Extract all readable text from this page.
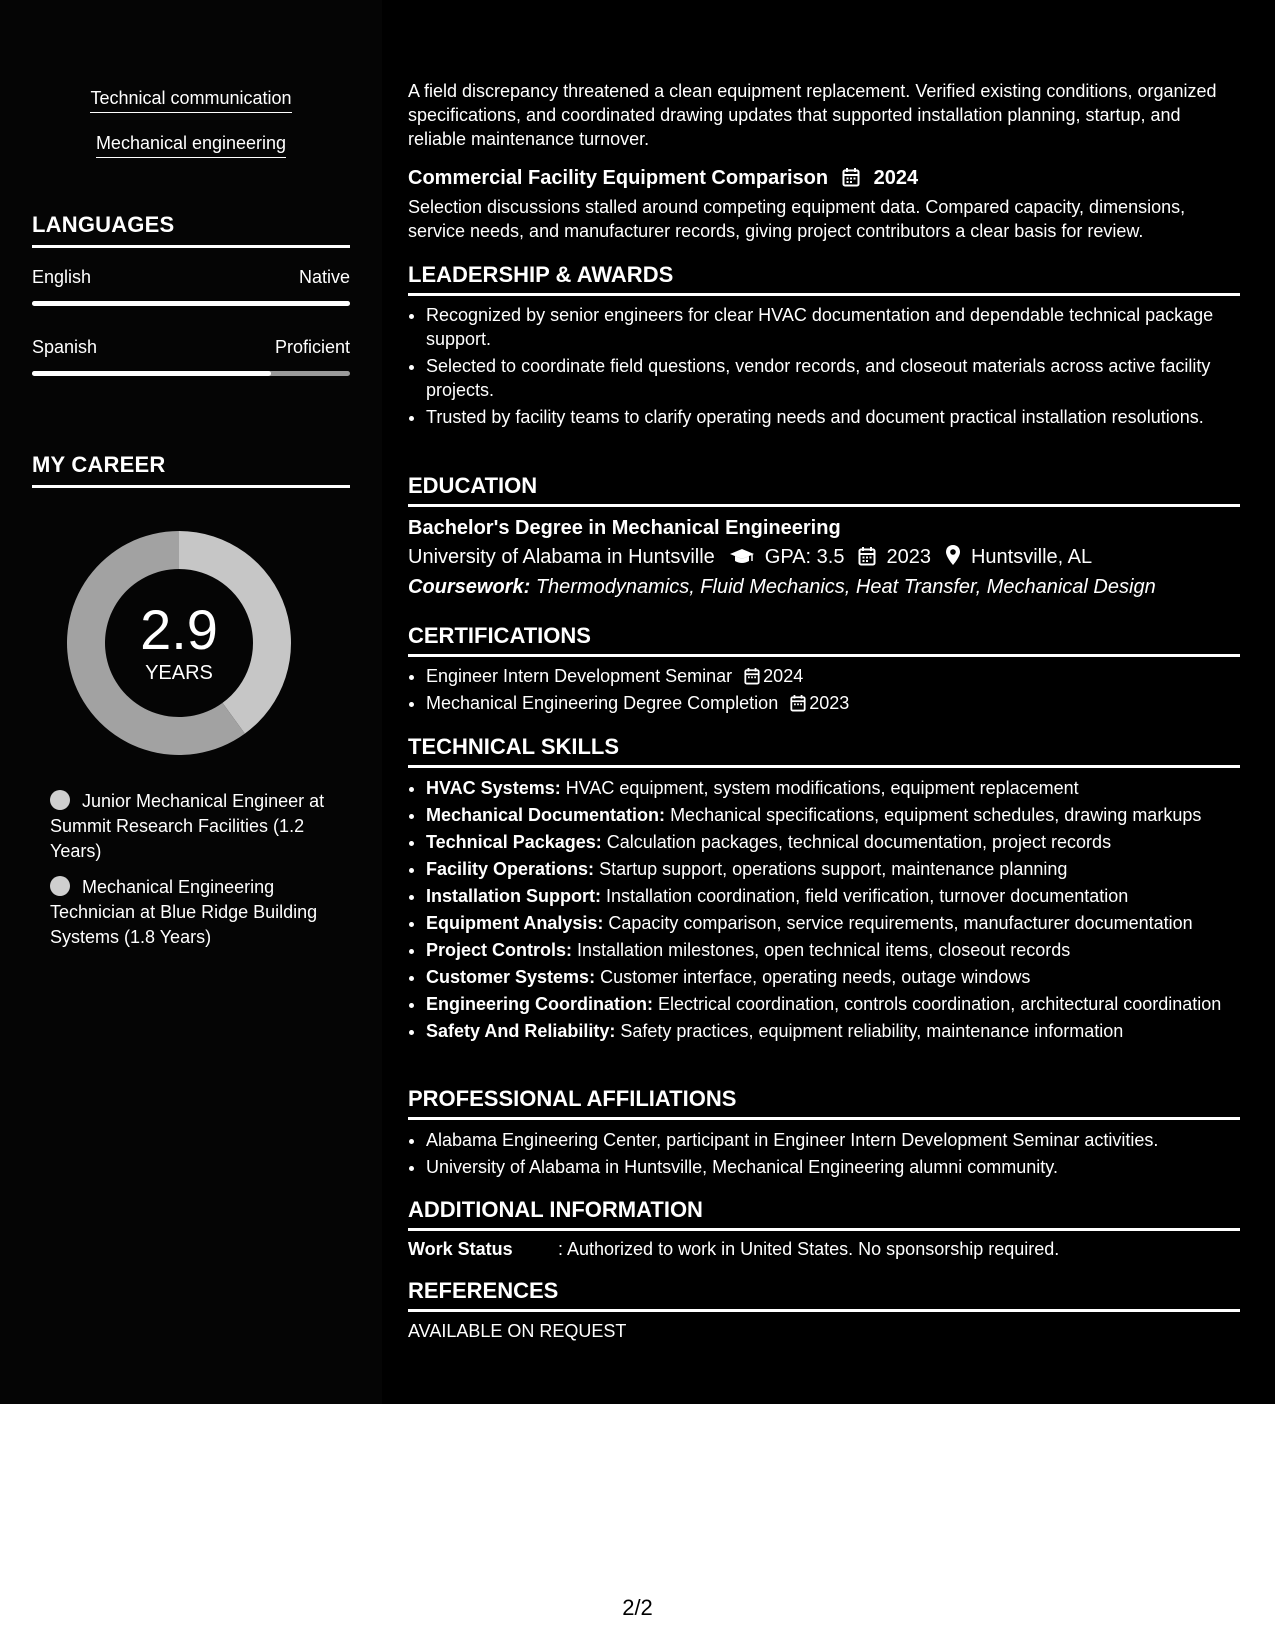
Technical communication
Mechanical engineering
LANGUAGES
English	Native
Spanish	Proficient
MY CAREER
2.9
YEARS
Junior Mechanical Engineer at Summit Research Facilities (1.2 Years)
Mechanical Engineering Technician at Blue Ridge Building Systems (1.8 Years)

A field discrepancy threatened a clean equipment replacement. Verified existing conditions, organized specifications, and coordinated drawing updates that supported installation planning, startup, and reliable maintenance turnover.

Commercial Facility Equipment Comparison 2024

Selection discussions stalled around competing equipment data. Compared capacity, dimensions, service needs, and manufacturer records, giving project contributors a clear basis for review.

LEADERSHIP & AWARDS
• Recognized by senior engineers for clear HVAC documentation and dependable technical package support.
• Selected to coordinate field questions, vendor records, and closeout materials across active facility projects.
• Trusted by facility teams to clarify operating needs and document practical installation resolutions.
EDUCATION
Bachelor's Degree in Mechanical Engineering
University of Alabama in Huntsville	GPA: 3.5 2023 Huntsville, AL
Coursework: Thermodynamics, Fluid Mechanics, Heat Transfer, Mechanical Design
CERTIFICATIONS
• Engineer Intern Development Seminar 2024
• Mechanical Engineering Degree Completion 2023
TECHNICAL SKILLS
• HVAC Systems: HVAC equipment, system modifications, equipment replacement
• Mechanical Documentation: Mechanical specifications, equipment schedules, drawing markups
• Technical Packages: Calculation packages, technical documentation, project records
• Facility Operations: Startup support, operations support, maintenance planning
• Installation Support: Installation coordination, field verification, turnover documentation
• Equipment Analysis: Capacity comparison, service requirements, manufacturer documentation
• Project Controls: Installation milestones, open technical items, closeout records
• Customer Systems: Customer interface, operating needs, outage windows
• Engineering Coordination: Electrical coordination, controls coordination, architectural coordination
• Safety And Reliability: Safety practices, equipment reliability, maintenance information
PROFESSIONAL AFFILIATIONS
• Alabama Engineering Center, participant in Engineer Intern Development Seminar activities.
• University of Alabama in Huntsville, Mechanical Engineering alumni community.
ADDITIONAL INFORMATION
Work Status	: Authorized to work in United States. No sponsorship required.
REFERENCES
AVAILABLE ON REQUEST
2/2
